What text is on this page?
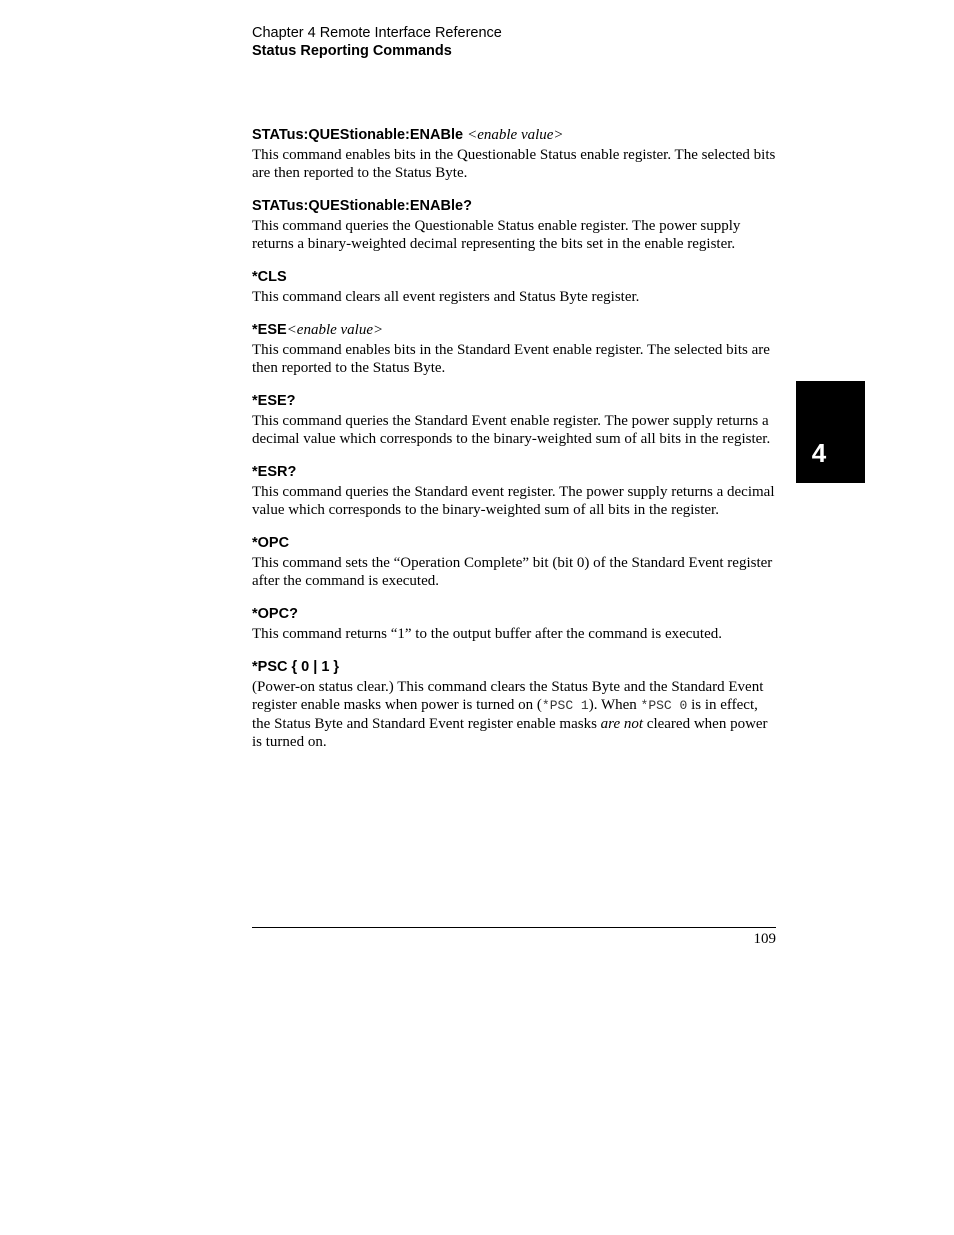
Chapter 4 Remote Interface Reference
Status Reporting Commands

STATus:QUEStionable:ENABle <enable value>

This command enables bits in the Questionable Status enable register. The selected bits are then reported to the Status Byte.

STATus:QUEStionable:ENABle?

This command queries the Questionable Status enable register. The power supply returns a binary-weighted decimal representing the bits set in the enable register.

*CLS

This command clears all event registers and Status Byte register.

*ESE<enable value>

This command enables bits in the Standard Event enable register. The selected bits are then reported to the Status Byte.

*ESE?

This command queries the Standard Event enable register. The power supply returns a decimal value which corresponds to the binary-weighted sum of all bits in the register.

*ESR?

This command queries the Standard event register. The power supply returns a decimal value which corresponds to the binary-weighted sum of all bits in the register.

*OPC

This command sets the “Operation Complete” bit (bit 0) of the Standard Event register after the command is executed.

*OPC?

This command returns “1” to the output buffer after the command is executed.

*PSC { 0 | 1 }

(Power-on status clear.) This command clears the Status Byte and the Standard Event register enable masks when power is turned on (*PSC 1). When *PSC 0 is in effect, the Status Byte and Standard Event register enable masks are not cleared when power is turned on.

109
4
